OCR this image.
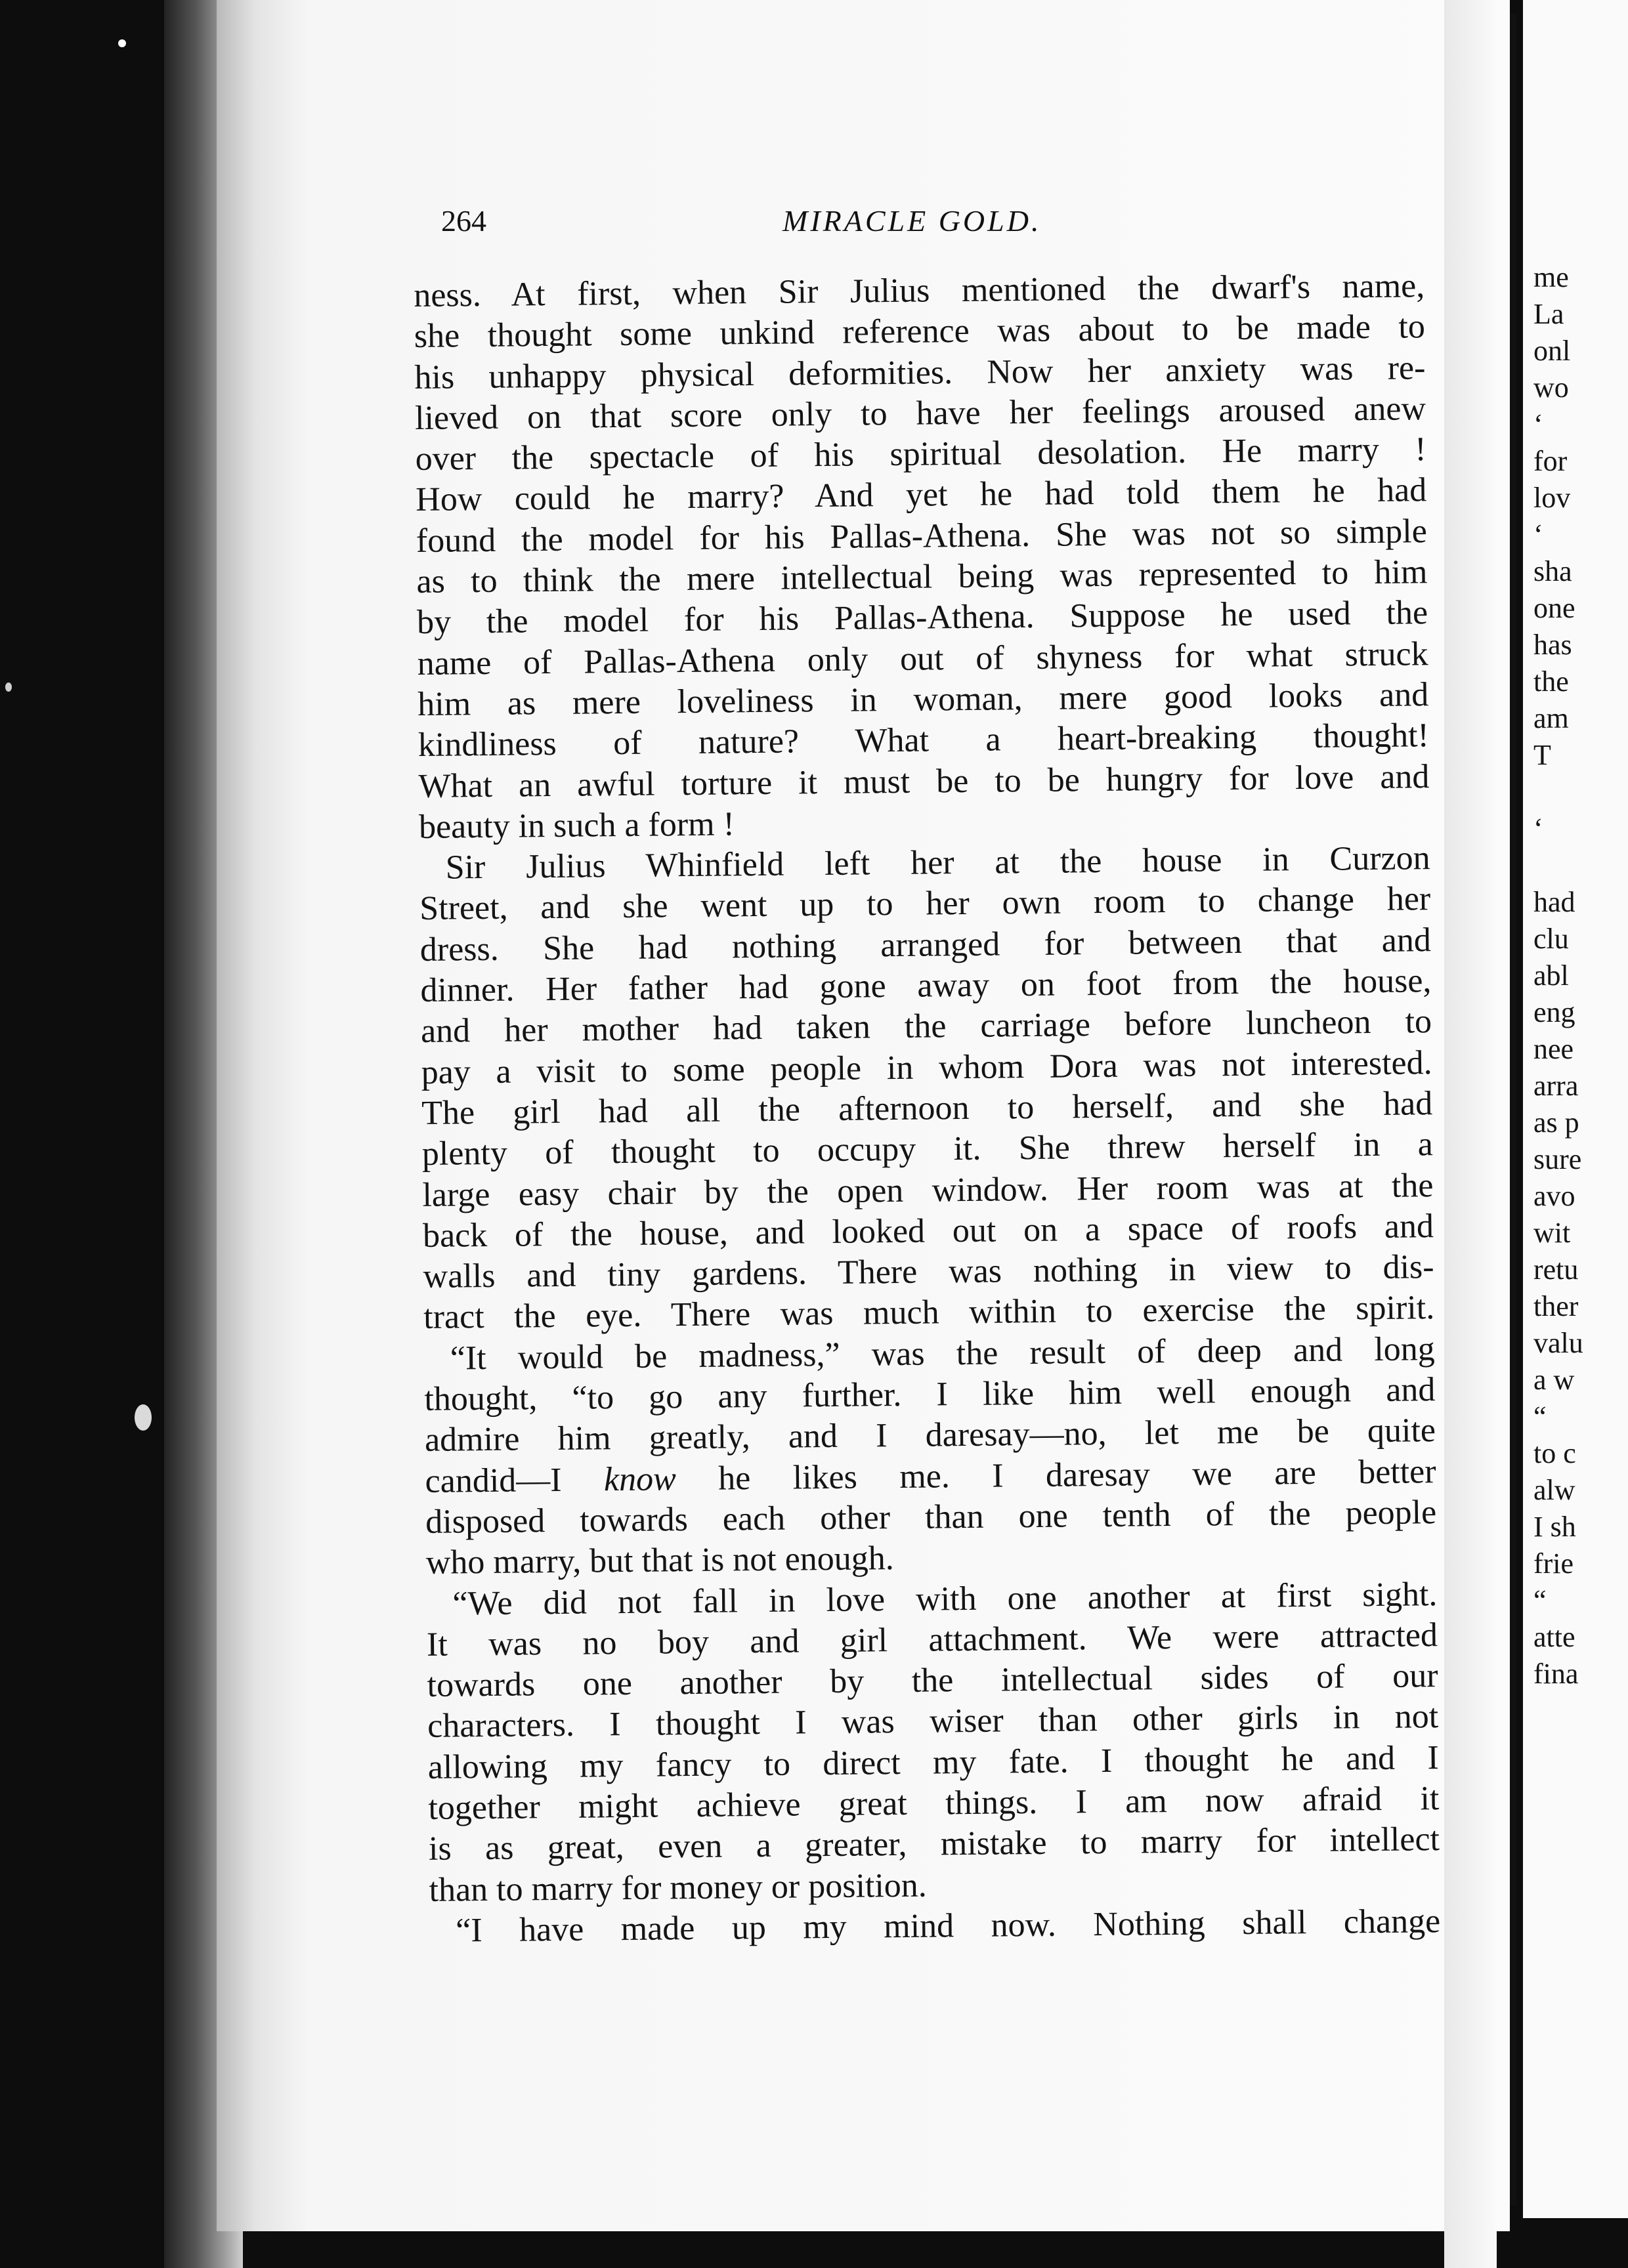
me
La
onl
wo
‘
for
lov
‘
sha
one
has
the
am
T

‘

had
clu
abl
eng
nee
arra
as p
sure
avo
wit
retu
ther
valu
a w
“
to c
alw
I sh
frie
“
atte
fina
264	MIRACLE GOLD.
ness. At first, when Sir Julius mentioned the dwarf's name,
she thought some unkind reference was about to be made to
his unhappy physical deformities. Now her anxiety was re-
lieved on that score only to have her feelings aroused anew
over the spectacle of his spiritual desolation. He marry !
How could he marry? And yet he had told them he had
found the model for his Pallas-Athena. She was not so simple
as to think the mere intellectual being was represented to him
by the model for his Pallas-Athena. Suppose he used the
name of Pallas-Athena only out of shyness for what struck
him as mere loveliness in woman, mere good looks and
kindliness of nature? What a heart-breaking thought!
What an awful torture it must be to be hungry for love and
beauty in such a form !
Sir Julius Whinfield left her at the house in Curzon
Street, and she went up to her own room to change her
dress. She had nothing arranged for between that and
dinner. Her father had gone away on foot from the house,
and her mother had taken the carriage before luncheon to
pay a visit to some people in whom Dora was not interested.
The girl had all the afternoon to herself, and she had
plenty of thought to occupy it. She threw herself in a
large easy chair by the open window. Her room was at the
back of the house, and looked out on a space of roofs and
walls and tiny gardens. There was nothing in view to dis-
tract the eye. There was much within to exercise the spirit.
“It would be madness,” was the result of deep and long
thought, “to go any further. I like him well enough and
admire him greatly, and I daresay—no, let me be quite
candid—I know he likes me. I daresay we are better
disposed towards each other than one tenth of the people
who marry, but that is not enough.
“We did not fall in love with one another at first sight.
It was no boy and girl attachment. We were attracted
towards one another by the intellectual sides of our
characters. I thought I was wiser than other girls in not
allowing my fancy to direct my fate. I thought he and I
together might achieve great things. I am now afraid it
is as great, even a greater, mistake to marry for intellect
than to marry for money or position.
“I have made up my mind now. Nothing shall change
